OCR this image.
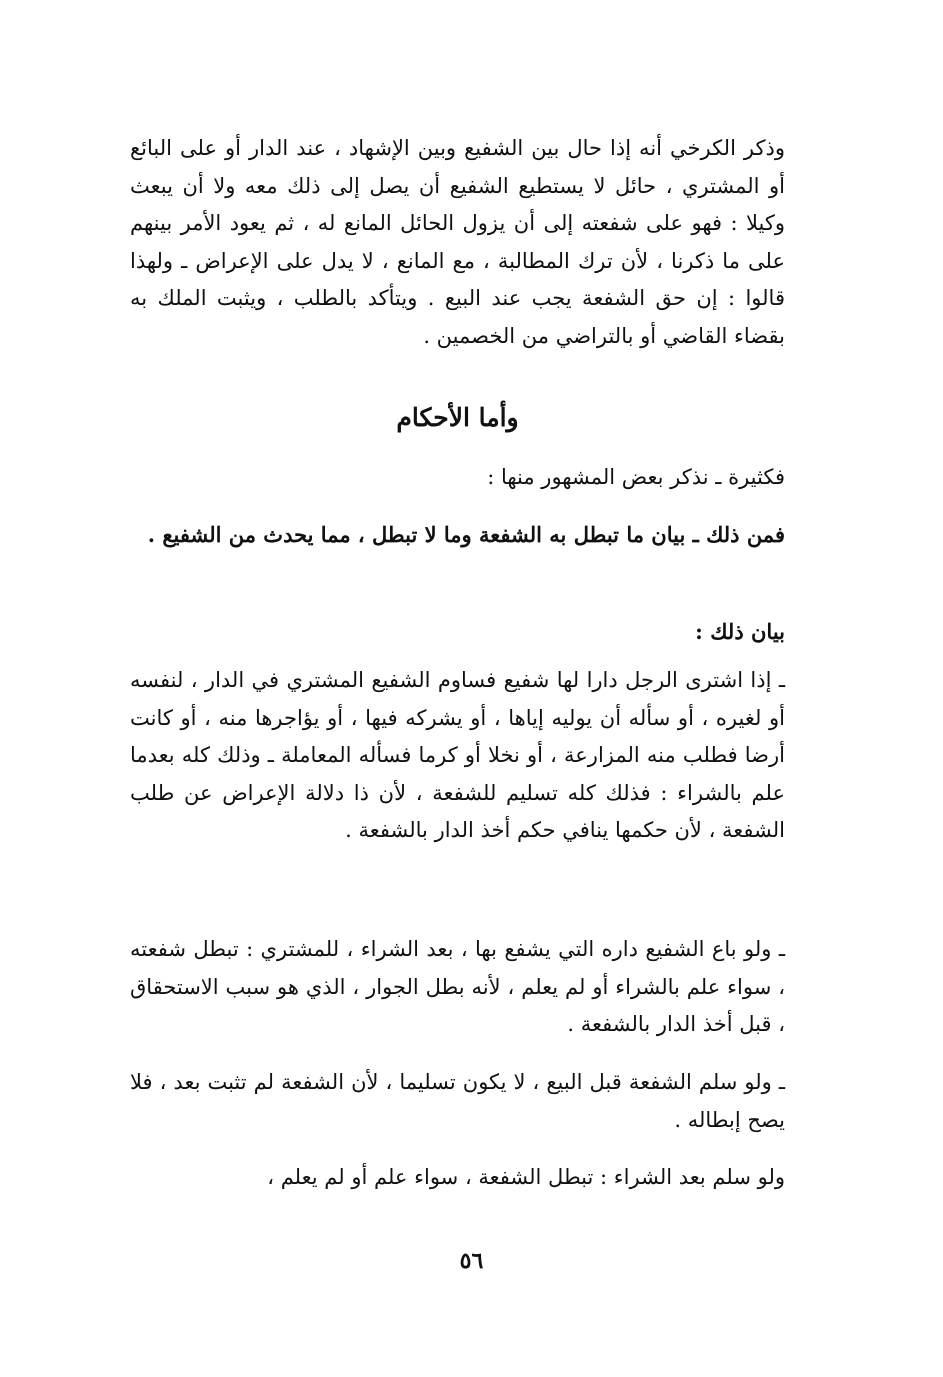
وذكر الكرخي أنه إذا حال بين الشفيع وبين الإشهاد ، عند الدار أو على البائع أو المشتري ، حائل لا يستطيع الشفيع أن يصل إلى ذلك معه ولا أن يبعث وكيلا : فهو على شفعته إلى أن يزول الحائل المانع له ، ثم يعود الأمر بينهم على ما ذكرنا ، لأن ترك المطالبة ، مع المانع ، لا يدل على الإعراض ـ ولهذا قالوا : إن حق الشفعة يجب عند البيع . ويتأكد بالطلب ، ويثبت الملك به بقضاء القاضي أو بالتراضي من الخصمين .
وأما الأحكام
فكثيرة ـ نذكر بعض المشهور منها :
فمن ذلك ـ بيان ما تبطل به الشفعة وما لا تبطل ، مما يحدث من الشفيع .
بيان ذلك :
ـ إذا اشترى الرجل دارا لها شفيع فساوم الشفيع المشتري في الدار ، لنفسه أو لغيره ، أو سأله أن يوليه إياها ، أو يشركه فيها ، أو يؤاجرها منه ، أو كانت أرضا فطلب منه المزارعة ، أو نخلا أو كرما فسأله المعاملة ـ وذلك كله بعدما علم بالشراء : فذلك كله تسليم للشفعة ، لأن ذا دلالة الإعراض عن طلب الشفعة ، لأن حكمها ينافي حكم أخذ الدار بالشفعة .
ـ ولو باع الشفيع داره التي يشفع بها ، بعد الشراء ، للمشتري : تبطل شفعته ، سواء علم بالشراء أو لم يعلم ، لأنه بطل الجوار ، الذي هو سبب الاستحقاق ، قبل أخذ الدار بالشفعة .
ـ ولو سلم الشفعة قبل البيع ، لا يكون تسليما ، لأن الشفعة لم تثبت بعد ، فلا يصح إبطاله .
ولو سلم بعد الشراء : تبطل الشفعة ، سواء علم أو لم يعلم ،
٥٦
